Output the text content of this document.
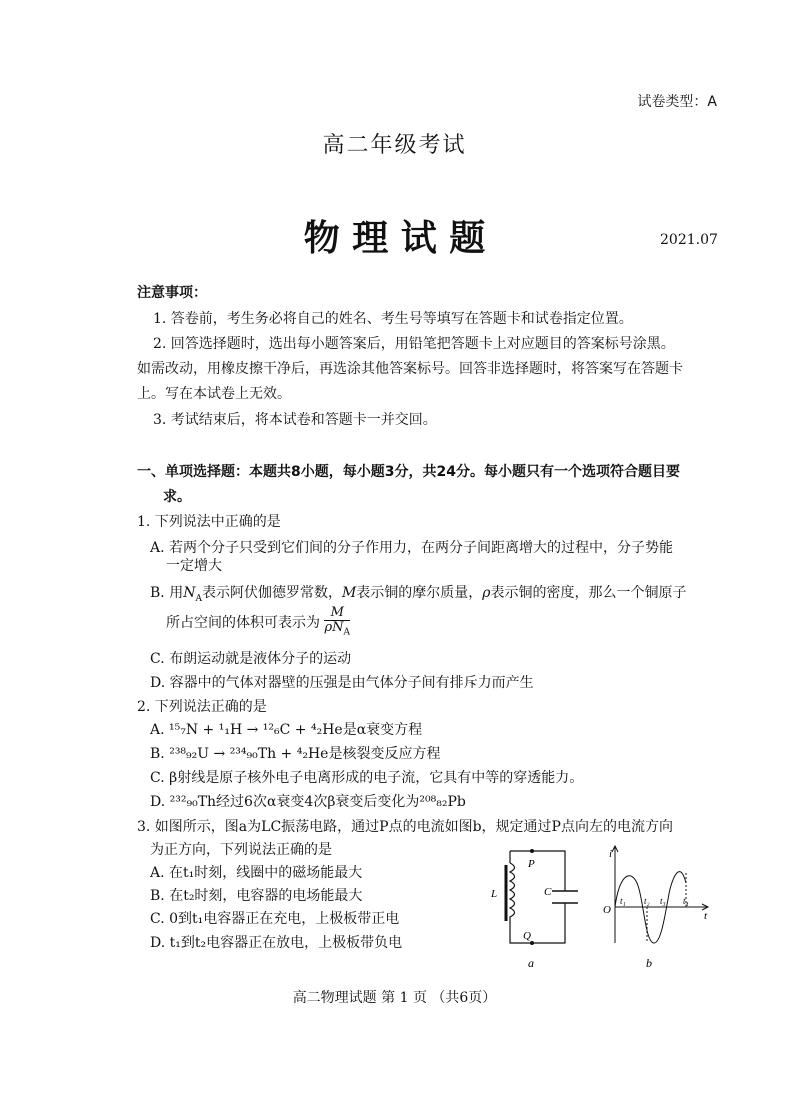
试卷类型：A
高二年级考试
物 理 试 题	2021.07
注意事项：
1. 答卷前，考生务必将自己的姓名、考生号等填写在答题卡和试卷指定位置。
2. 回答选择题时，选出每小题答案后，用铅笔把答题卡上对应题目的答案标号涂黑。
如需改动，用橡皮擦干净后，再选涂其他答案标号。回答非选择题时，将答案写在答题卡
上。写在本试卷上无效。
3. 考试结束后，将本试卷和答题卡一并交回。
一、单项选择题：本题共8小题，每小题3分，共24分。每小题只有一个选项符合题目要
求。
1. 下列说法中正确的是
A. 若两个分子只受到它们间的分子作用力，在两分子间距离增大的过程中，分子势能
一定增大
B. 用$N_A$表示阿伏伽德罗常数，M表示铜的摩尔质量，ρ表示铜的密度，那么一个铜原子
所占空间的体积可表示为 $\frac{M}{\rho N_A}$
C. 布朗运动就是液体分子的运动
D. 容器中的气体对器壁的压强是由气体分子间有排斥力而产生
2. 下列说法正确的是
A. ¹⁵₇N + ¹₁H → ¹²₆C + ⁴₂He是α衰变方程
B. ²³⁸₉₂U → ²³⁴₉₀Th + ⁴₂He是核裂变反应方程
C. β射线是原子核外电子电离形成的电子流，它具有中等的穿透能力。
D. ²³²₉₀Th经过6次α衰变4次β衰变后变化为²⁰⁸₈₂Pb
3. 如图所示，图a为LC振荡电路，通过P点的电流如图b，规定通过P点向左的电流方向
为正方向，下列说法正确的是
A. 在t₁时刻，线圈中的磁场能最大
B. 在t₂时刻，电容器的电场能最大
C. 0到t₁电容器正在充电，上极板带正电
D. t₁到t₂电容器正在放电，上极板带负电
P
Q
L	C
a
i
O	t
t₁ t₂ t₃ t₄
b
高二物理试题 第 1 页 （共6页）
